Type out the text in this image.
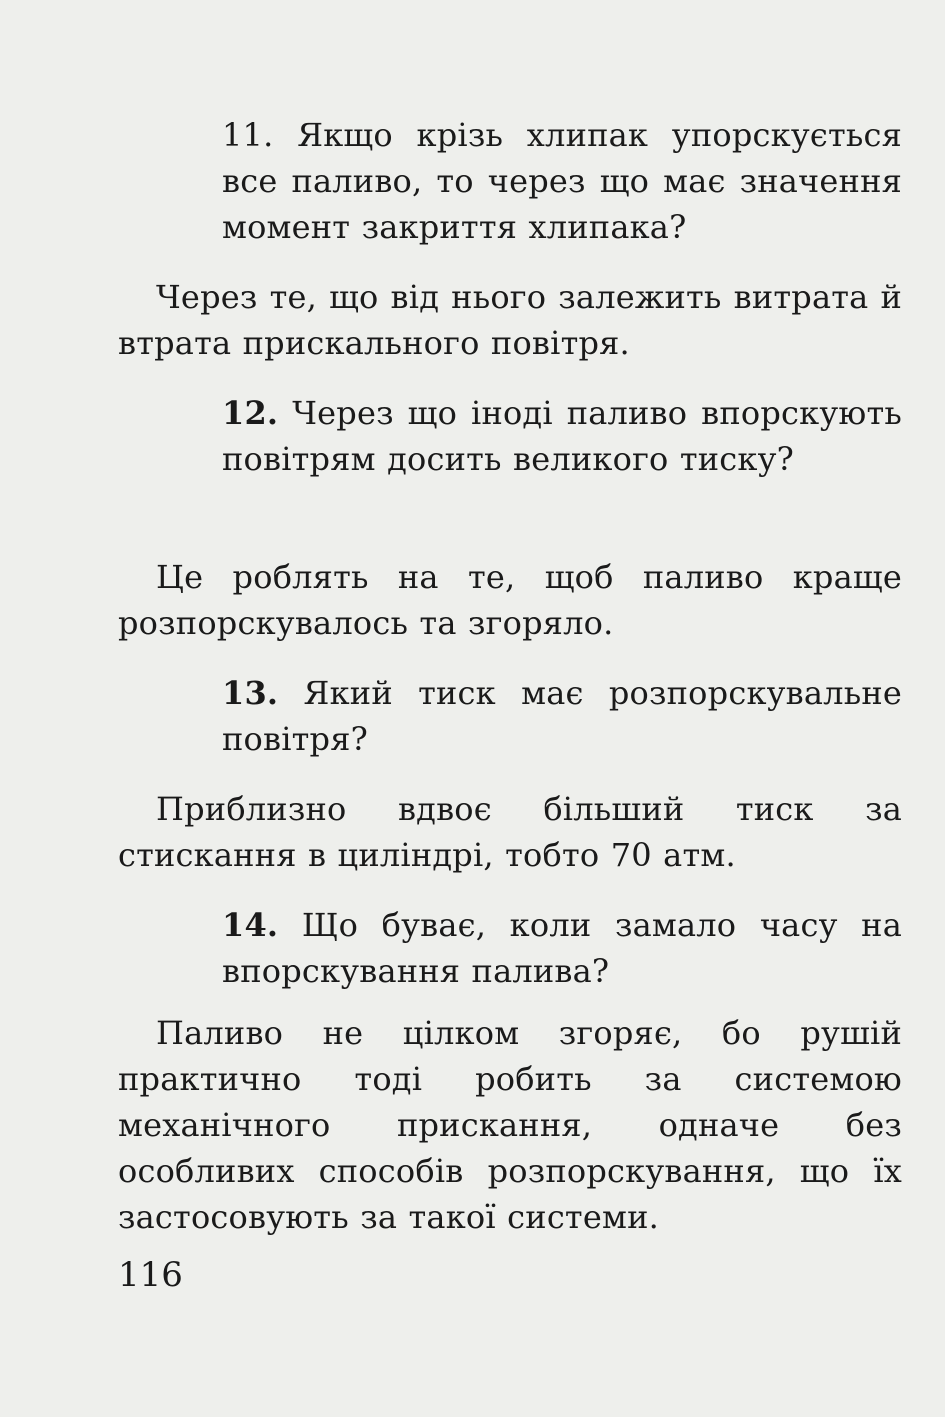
11. Якщо крізь хлипак упорскується все паливо, то через що має значення момент закриття хлипака?
Через те, що від нього залежить витрата й втрата прискального повітря.
12. Через що іноді паливо впорскують повітрям досить великого тиску?
Це роблять на те, щоб паливо краще розпорскувалось та згоряло.
13. Який тиск має розпорскувальне повітря?
Приблизно вдвоє більший тиск за стискання в циліндрі, тобто 70 атм.
14. Що буває, коли замало часу на впорскування палива?
Паливо не цілком згоряє, бо рушій практично тоді робить за системою механічного прискання, одначе без особливих способів розпорскування, що їх застосовують за такої системи.
116
